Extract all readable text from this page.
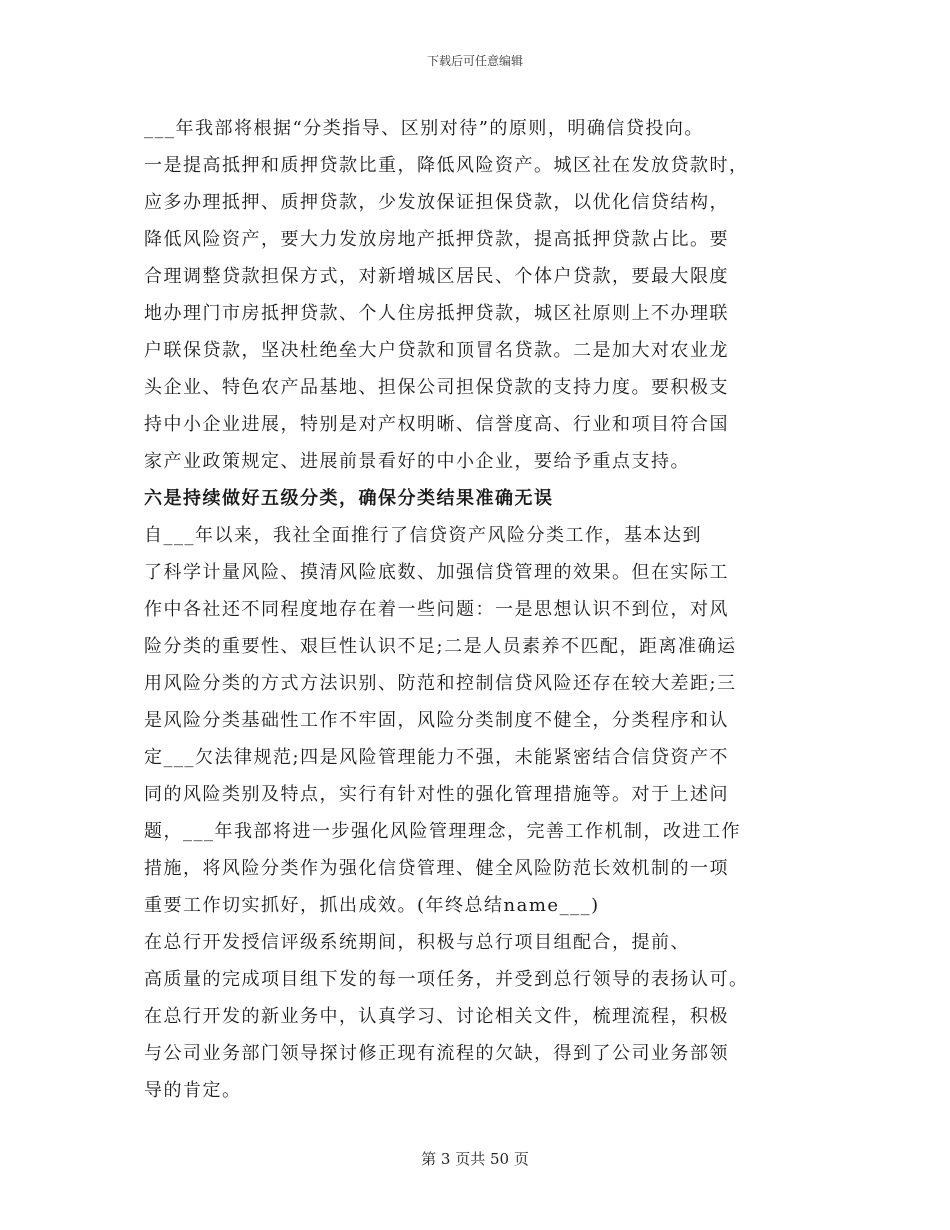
下载后可任意编辑
___年我部将根据“分类指导、区别对待”的原则，明确信贷投向。
一是提高抵押和质押贷款比重，降低风险资产。城区社在发放贷款时，
应多办理抵押、质押贷款，少发放保证担保贷款，以优化信贷结构，
降低风险资产，要大力发放房地产抵押贷款，提高抵押贷款占比。要
合理调整贷款担保方式，对新增城区居民、个体户贷款，要最大限度
地办理门市房抵押贷款、个人住房抵押贷款，城区社原则上不办理联
户联保贷款，坚决杜绝垒大户贷款和顶冒名贷款。二是加大对农业龙
头企业、特色农产品基地、担保公司担保贷款的支持力度。要积极支
持中小企业进展，特别是对产权明晰、信誉度高、行业和项目符合国
家产业政策规定、进展前景看好的中小企业，要给予重点支持。
六是持续做好五级分类，确保分类结果准确无误
自___年以来，我社全面推行了信贷资产风险分类工作，基本达到
了科学计量风险、摸清风险底数、加强信贷管理的效果。但在实际工
作中各社还不同程度地存在着一些问题：一是思想认识不到位，对风
险分类的重要性、艰巨性认识不足;二是人员素养不匹配，距离准确运
用风险分类的方式方法识别、防范和控制信贷风险还存在较大差距;三
是风险分类基础性工作不牢固，风险分类制度不健全，分类程序和认
定___欠法律规范;四是风险管理能力不强，未能紧密结合信贷资产不
同的风险类别及特点，实行有针对性的强化管理措施等。对于上述问
题，___年我部将进一步强化风险管理理念，完善工作机制，改进工作
措施，将风险分类作为强化信贷管理、健全风险防范长效机制的一项
重要工作切实抓好，抓出成效。(年终总结name___)
在总行开发授信评级系统期间，积极与总行项目组配合，提前、
高质量的完成项目组下发的每一项任务，并受到总行领导的表扬认可。
在总行开发的新业务中，认真学习、讨论相关文件，梳理流程，积极
与公司业务部门领导探讨修正现有流程的欠缺，得到了公司业务部领
导的肯定。
第 3 页共 50 页
